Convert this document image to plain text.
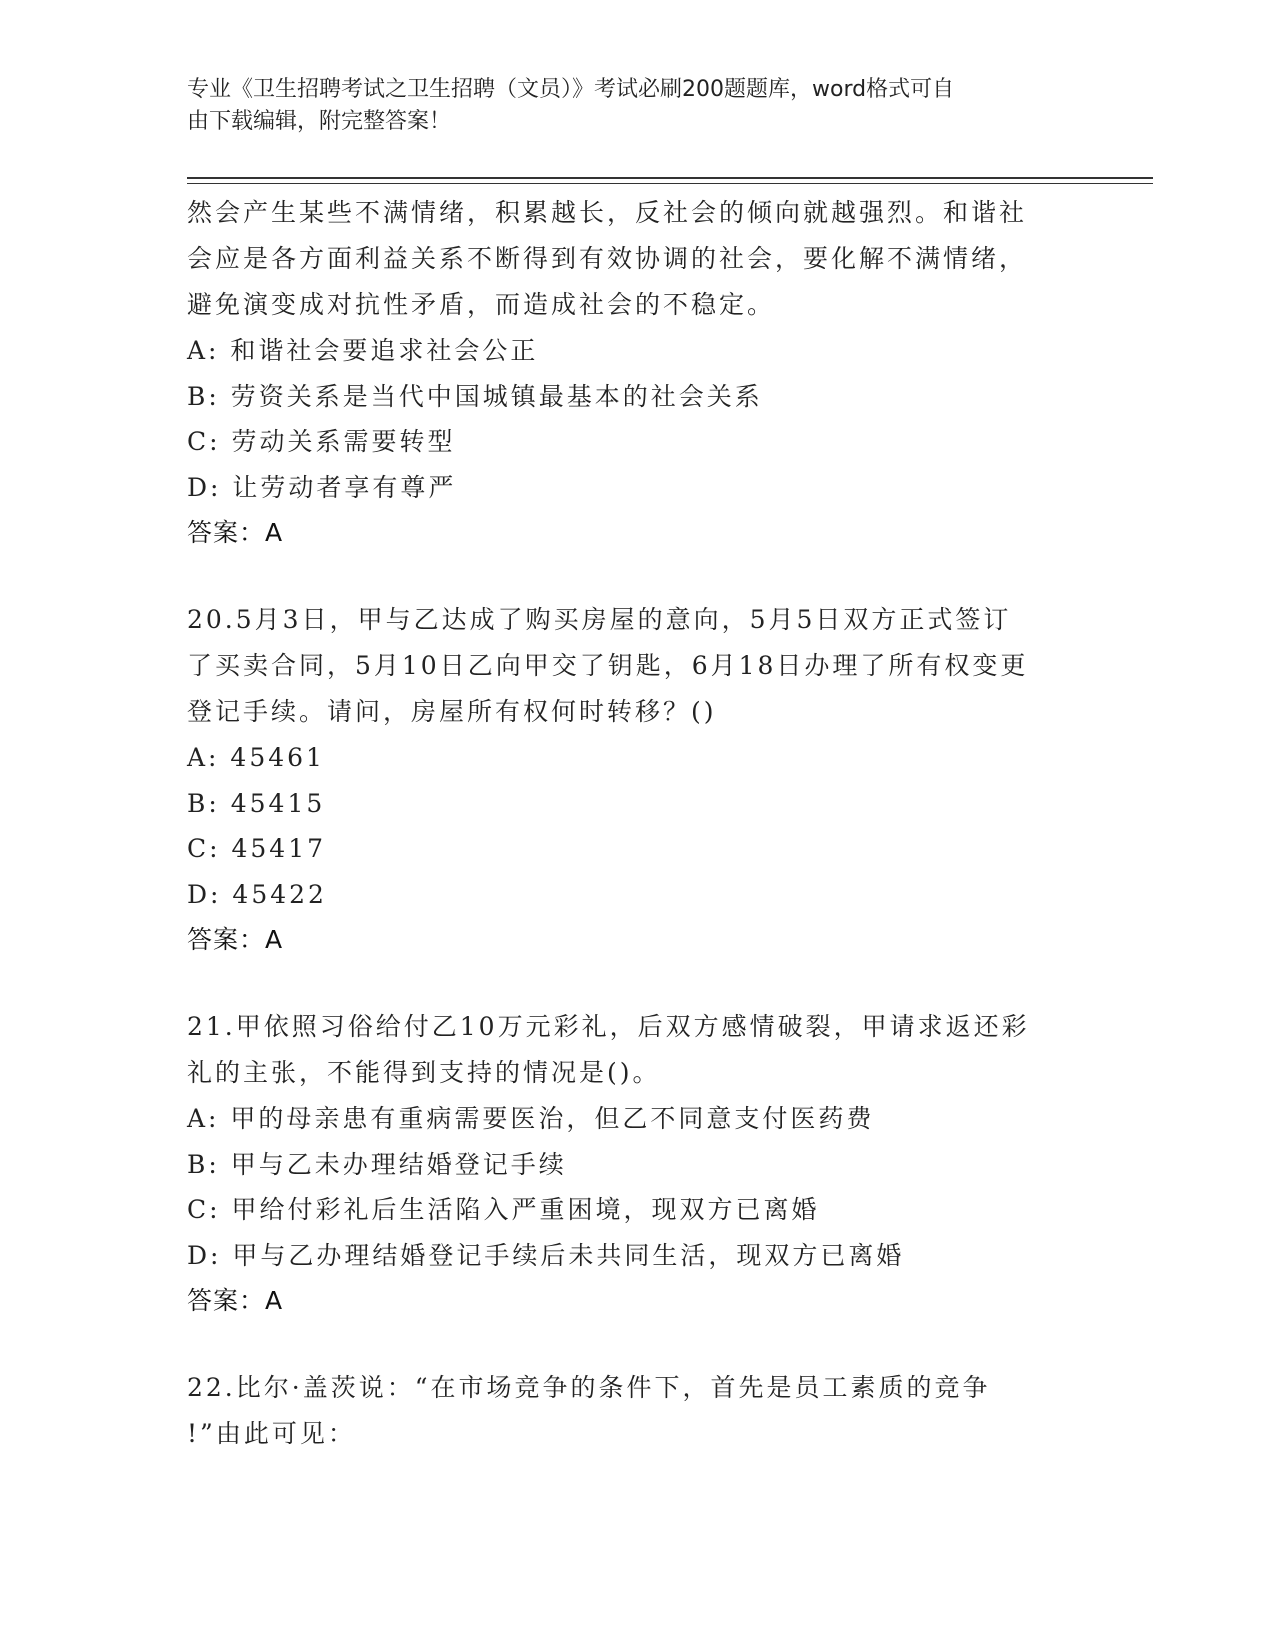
专业《卫生招聘考试之卫生招聘（文员）》考试必刷200题题库，word格式可自
由下载编辑，附完整答案！
然会产生某些不满情绪，积累越长，反社会的倾向就越强烈。和谐社
会应是各方面利益关系不断得到有效协调的社会，要化解不满情绪，
避免演变成对抗性矛盾，而造成社会的不稳定。
A: 和谐社会要追求社会公正
B: 劳资关系是当代中国城镇最基本的社会关系
C: 劳动关系需要转型
D: 让劳动者享有尊严
答案：A
20.5月3日，甲与乙达成了购买房屋的意向，5月5日双方正式签订
了买卖合同，5月10日乙向甲交了钥匙，6月18日办理了所有权变更
登记手续。请问，房屋所有权何时转移？()
A: 45461
B: 45415
C: 45417
D: 45422
答案：A
21.甲依照习俗给付乙10万元彩礼，后双方感情破裂，甲请求返还彩
礼的主张，不能得到支持的情况是()。
A: 甲的母亲患有重病需要医治，但乙不同意支付医药费
B: 甲与乙未办理结婚登记手续
C: 甲给付彩礼后生活陷入严重困境，现双方已离婚
D: 甲与乙办理结婚登记手续后未共同生活，现双方已离婚
答案：A
22.比尔·盖茨说：“在市场竞争的条件下，首先是员工素质的竞争
!”由此可见：
